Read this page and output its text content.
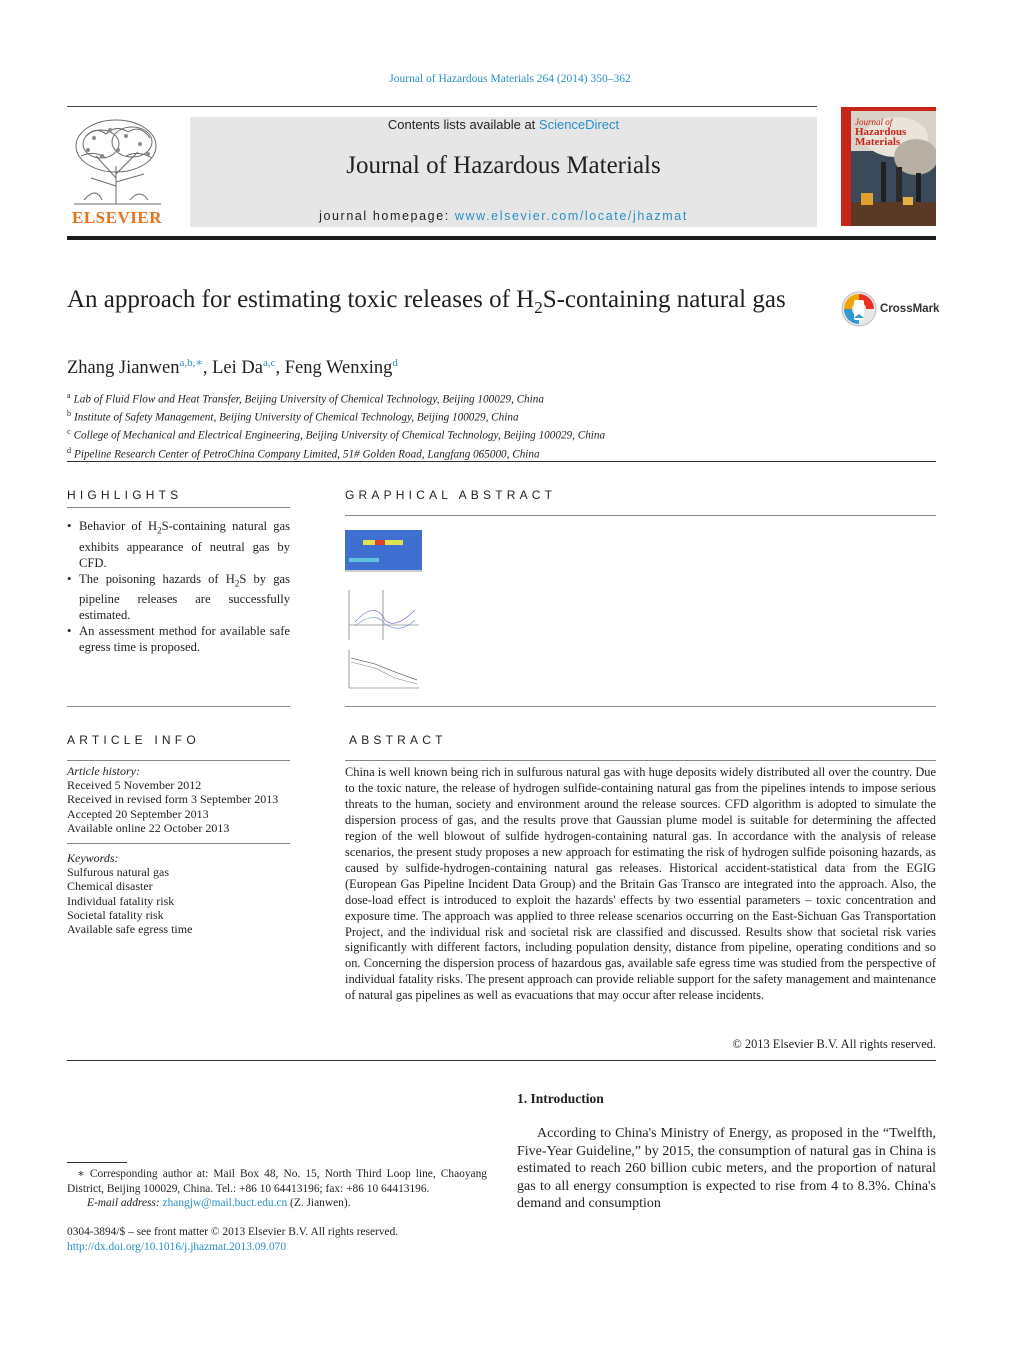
Journal of Hazardous Materials 264 (2014) 350–362
ELSEVIER
Contents lists available at ScienceDirect
Journal of Hazardous Materials
journal homepage: www.elsevier.com/locate/jhazmat
Journal of
Hazardous
Materials
An approach for estimating toxic releases of $H_2S$-containing natural gas	CrossMark
Zhang Jianwen$^{a,b,∗}$, Lei Da$^{a,c}$, Feng Wenxing$^d$
$^a$ Lab of Fluid Flow and Heat Transfer, Beijing University of Chemical Technology, Beijing 100029, China
$^b$ Institute of Safety Management, Beijing University of Chemical Technology, Beijing 100029, China
$^c$ College of Mechanical and Electrical Engineering, Beijing University of Chemical Technology, Beijing 100029, China
$^d$ Pipeline Research Center of PetroChina Company Limited, 51# Golden Road, Langfang 065000, China
HIGHLIGHTS
• Behavior of $H_2S$-containing natural gas exhibits appearance of neutral gas by CFD.
• The poisoning hazards of $H_2S$ by gas pipeline releases are successfully estimated.
• An assessment method for available safe egress time is proposed.
GRAPHICAL ABSTRACT
ARTICLE INFO
Article history:
Received 5 November 2012
Received in revised form 3 September 2013
Accepted 20 September 2013
Available online 22 October 2013
Keywords:
Sulfurous natural gas
Chemical disaster
Individual fatality risk
Societal fatality risk
Available safe egress time
ABSTRACT
China is well known being rich in sulfurous natural gas with huge deposits widely distributed all over the country. Due to the toxic nature, the release of hydrogen sulfide-containing natural gas from the pipelines intends to impose serious threats to the human, society and environment around the release sources. CFD algorithm is adopted to simulate the dispersion process of gas, and the results prove that Gaussian plume model is suitable for determining the affected region of the well blowout of sulfide hydrogen-containing natural gas. In accordance with the analysis of release scenarios, the present study proposes a new approach for estimating the risk of hydrogen sulfide poisoning hazards, as caused by sulfide-hydrogen-containing natural gas releases. Historical accident-statistical data from the EGIG (European Gas Pipeline Incident Data Group) and the Britain Gas Transco are integrated into the approach. Also, the dose-load effect is introduced to exploit the hazards' effects by two essential parameters – toxic concentration and exposure time. The approach was applied to three release scenarios occurring on the East-Sichuan Gas Transportation Project, and the individual risk and societal risk are classified and discussed. Results show that societal risk varies significantly with different factors, including population density, distance from pipeline, operating conditions and so on. Concerning the dispersion process of hazardous gas, available safe egress time was studied from the perspective of individual fatality risks. The present approach can provide reliable support for the safety management and maintenance of natural gas pipelines as well as evacuations that may occur after release incidents.
© 2013 Elsevier B.V. All rights reserved.
1. Introduction
According to China's Ministry of Energy, as proposed in the “Twelfth, Five-Year Guideline,” by 2015, the consumption of natural gas in China is estimated to reach 260 billion cubic meters, and the proportion of natural gas to all energy consumption is expected to rise from 4 to 8.3%. China's demand and consumption
∗ Corresponding author at: Mail Box 48, No. 15, North Third Loop line, Chaoyang District, Beijing 100029, China. Tel.: +86 10 64413196; fax: +86 10 64413196.
E-mail address: zhangjw@mail.buct.edu.cn (Z. Jianwen).
0304-3894/$ – see front matter © 2013 Elsevier B.V. All rights reserved.
http://dx.doi.org/10.1016/j.jhazmat.2013.09.070
